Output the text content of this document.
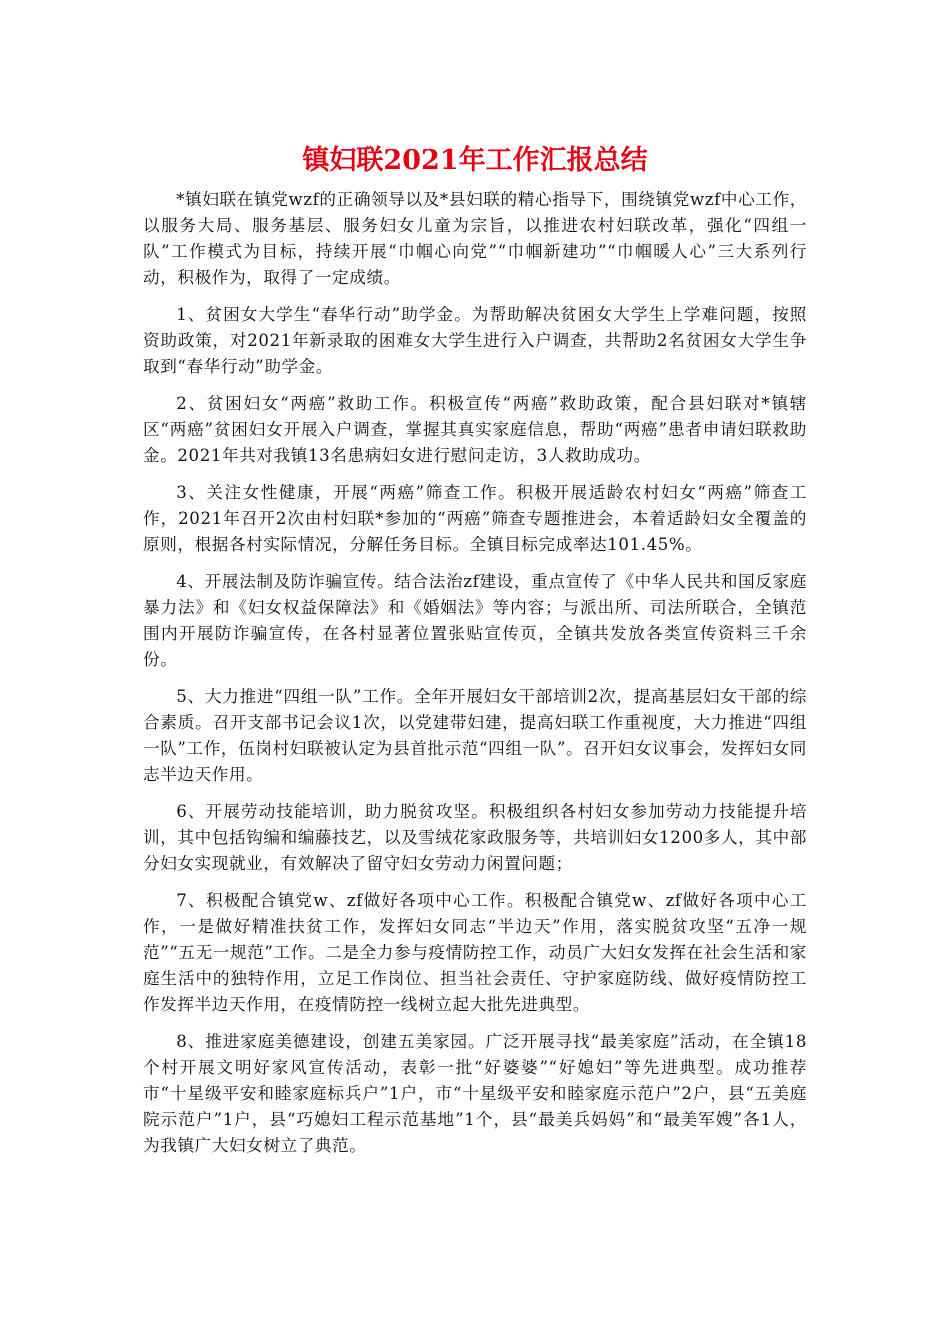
镇妇联2021年工作汇报总结

*镇妇联在镇党wzf的正确领导以及*县妇联的精心指导下，围绕镇党wzf中心工作，以服务大局、服务基层、服务妇女儿童为宗旨，以推进农村妇联改革，强化“四组一队”工作模式为目标，持续开展“巾帼心向党”“巾帼新建功”“巾帼暖人心”三大系列行动，积极作为，取得了一定成绩。

1、贫困女大学生“春华行动”助学金。为帮助解决贫困女大学生上学难问题，按照资助政策，对2021年新录取的困难女大学生进行入户调查，共帮助2名贫困女大学生争取到“春华行动”助学金。

2、贫困妇女“两癌”救助工作。积极宣传“两癌”救助政策，配合县妇联对*镇辖区“两癌”贫困妇女开展入户调查，掌握其真实家庭信息，帮助“两癌”患者申请妇联救助金。2021年共对我镇13名患病妇女进行慰问走访，3人救助成功。

3、关注女性健康，开展“两癌”筛查工作。积极开展适龄农村妇女“两癌”筛查工作，2021年召开2次由村妇联*参加的“两癌”筛查专题推进会，本着适龄妇女全覆盖的原则，根据各村实际情况，分解任务目标。全镇目标完成率达101.45%。

4、开展法制及防诈骗宣传。结合法治zf建设，重点宣传了《中华人民共和国反家庭暴力法》和《妇女权益保障法》和《婚姻法》等内容；与派出所、司法所联合，全镇范围内开展防诈骗宣传，在各村显著位置张贴宣传页，全镇共发放各类宣传资料三千余份。

5、大力推进“四组一队”工作。全年开展妇女干部培训2次，提高基层妇女干部的综合素质。召开支部书记会议1次，以党建带妇建，提高妇联工作重视度，大力推进“四组一队”工作，伍岗村妇联被认定为县首批示范“四组一队”。召开妇女议事会，发挥妇女同志半边天作用。

6、开展劳动技能培训，助力脱贫攻坚。积极组织各村妇女参加劳动力技能提升培训，其中包括钩编和编藤技艺，以及雪绒花家政服务等，共培训妇女1200多人，其中部分妇女实现就业，有效解决了留守妇女劳动力闲置问题；

7、积极配合镇党w、zf做好各项中心工作。积极配合镇党w、zf做好各项中心工作，一是做好精准扶贫工作，发挥妇女同志“半边天”作用，落实脱贫攻坚“五净一规范”“五无一规范”工作。二是全力参与疫情防控工作，动员广大妇女发挥在社会生活和家庭生活中的独特作用，立足工作岗位、担当社会责任、守护家庭防线、做好疫情防控工作发挥半边天作用，在疫情防控一线树立起大批先进典型。

8、推进家庭美德建设，创建五美家园。广泛开展寻找“最美家庭”活动，在全镇18个村开展文明好家风宣传活动，表彰一批“好婆婆”“好媳妇”等先进典型。成功推荐市“十星级平安和睦家庭标兵户”1户，市“十星级平安和睦家庭示范户”2户，县“五美庭院示范户”1户，县“巧媳妇工程示范基地”1个，县“最美兵妈妈”和“最美军嫂”各1人，为我镇广大妇女树立了典范。
